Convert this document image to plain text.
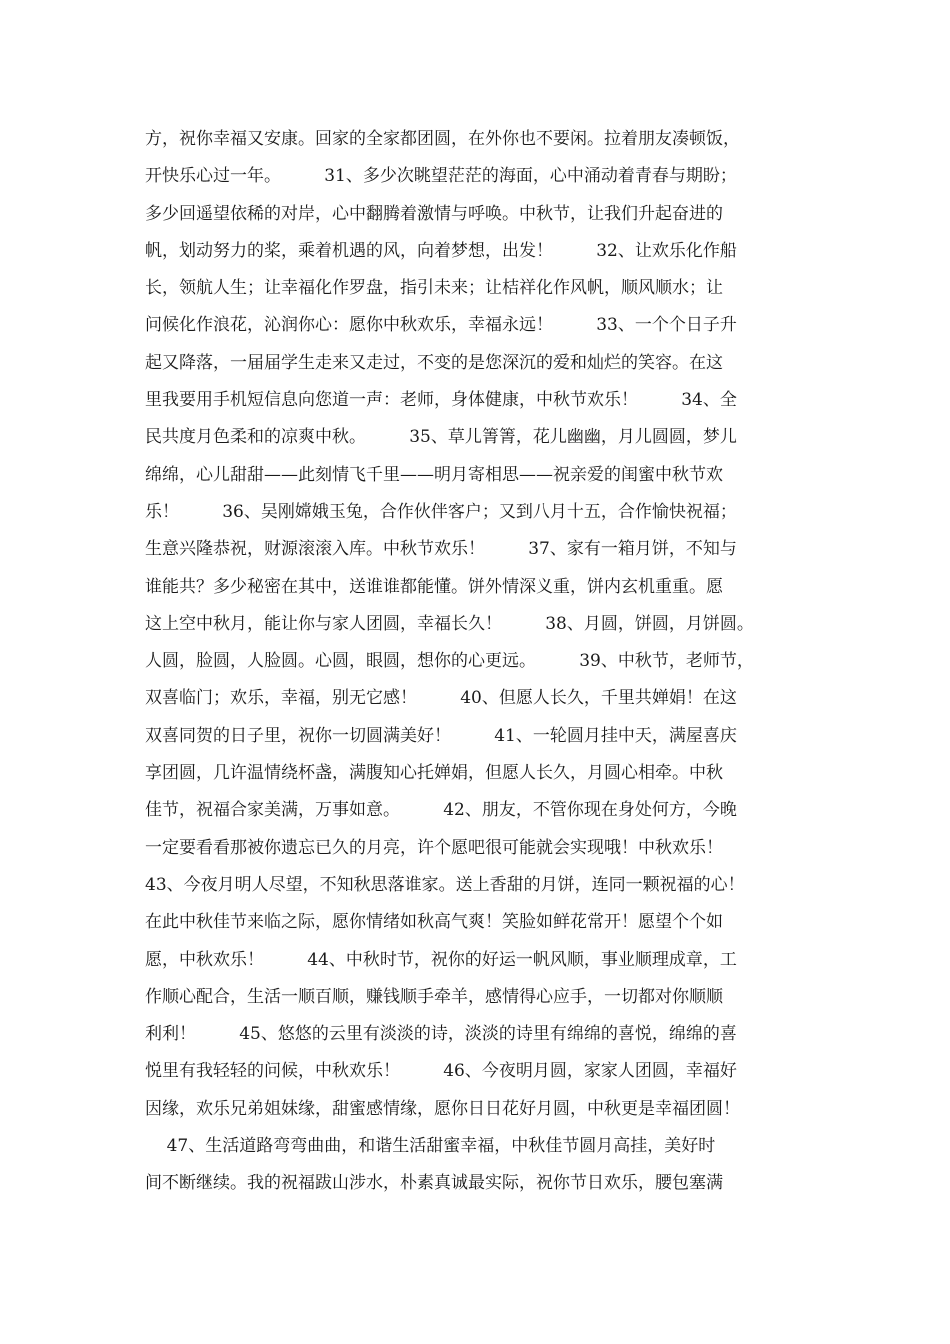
方，祝你幸福又安康。回家的全家都团圆，在外你也不要闲。拉着朋友凑顿饭，
开快乐心过一年。        31、多少次眺望茫茫的海面，心中涌动着青春与期盼；
多少回遥望依稀的对岸，心中翻腾着激情与呼唤。中秋节，让我们升起奋进的
帆，划动努力的桨，乘着机遇的风，向着梦想，出发！        32、让欢乐化作船
长，领航人生；让幸福化作罗盘，指引未来；让桔祥化作风帆，顺风顺水；让
问候化作浪花，沁润你心：愿你中秋欢乐，幸福永远！        33、一个个日子升
起又降落，一届届学生走来又走过，不变的是您深沉的爱和灿烂的笑容。在这
里我要用手机短信息向您道一声：老师，身体健康，中秋节欢乐！        34、全
民共度月色柔和的凉爽中秋。        35、草儿箐箐，花儿幽幽，月儿圆圆，梦儿
绵绵，心儿甜甜——此刻情飞千里——明月寄相思——祝亲爱的闺蜜中秋节欢
乐！        36、吴刚嫦娥玉兔，合作伙伴客户；又到八月十五，合作愉快祝福；
生意兴隆恭祝，财源滚滚入库。中秋节欢乐！        37、家有一箱月饼，不知与
谁能共？多少秘密在其中，送谁谁都能懂。饼外情深义重，饼内玄机重重。愿
这上空中秋月，能让你与家人团圆，幸福长久！        38、月圆，饼圆，月饼圆。
人圆，脸圆，人脸圆。心圆，眼圆，想你的心更远。        39、中秋节，老师节，
双喜临门；欢乐，幸福，别无它感！        40、但愿人长久，千里共婵娟！在这
双喜同贺的日子里，祝你一切圆满美好！        41、一轮圆月挂中天，满屋喜庆
享团圆，几许温情绕杯盏，满腹知心托婵娟，但愿人长久，月圆心相牵。中秋
佳节，祝福合家美满，万事如意。        42、朋友，不管你现在身处何方，今晚
一定要看看那被你遗忘已久的月亮，许个愿吧很可能就会实现哦！中秋欢乐！
43、今夜月明人尽望，不知秋思落谁家。送上香甜的月饼，连同一颗祝福的心！
在此中秋佳节来临之际，愿你情绪如秋高气爽！笑脸如鲜花常开！愿望个个如
愿，中秋欢乐！        44、中秋时节，祝你的好运一帆风顺，事业顺理成章，工
作顺心配合，生活一顺百顺，赚钱顺手牵羊，感情得心应手，一切都对你顺顺
利利！        45、悠悠的云里有淡淡的诗，淡淡的诗里有绵绵的喜悦，绵绵的喜
悦里有我轻轻的问候，中秋欢乐！        46、今夜明月圆，家家人团圆，幸福好
因缘，欢乐兄弟姐妹缘，甜蜜感情缘，愿你日日花好月圆，中秋更是幸福团圆！
47、生活道路弯弯曲曲，和谐生活甜蜜幸福，中秋佳节圆月高挂，美好时
间不断继续。我的祝福跋山涉水，朴素真诚最实际，祝你节日欢乐，腰包塞满
